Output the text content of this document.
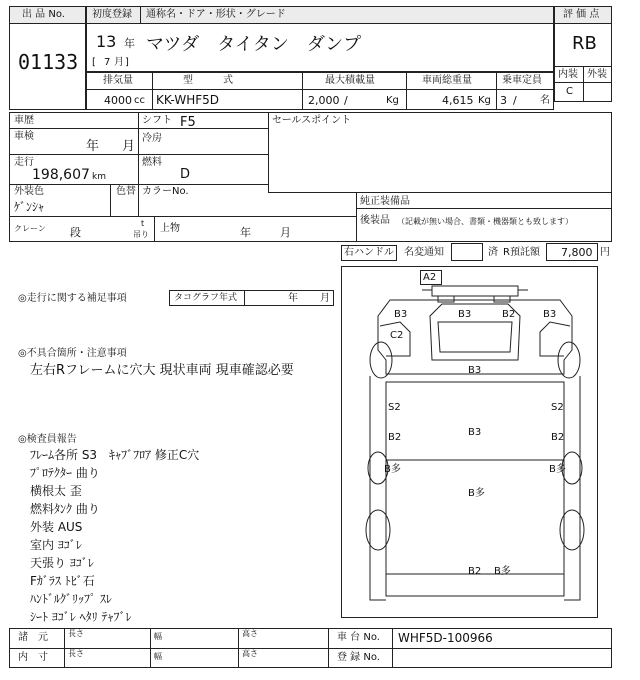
出 品 No.
01133
初度登録 通称名・ドア・形状・グレード
13 年
[ 7 月 ]
マツダ　タイタン　ダンプ
評 価 点
RB
内装 外装
C
排気量	型　　　式	最大積載量	車両総重量	乗車定員
4000 cc KK-WHF5D	2,000 /	Kg	4,615 Kg 3 / 名
車歴
車検
年 月
走行
198,607 km
シフト F5
冷房
燃料
D
外装色
ｹﾞﾝｼｬ
色替 カラーNo.
セールスポイント
純正装備品
後装品 （記載が無い場合、書類・機器類とも致します）
クレーン 段
t
吊り
上物	年	月
右ハンドル 名変通知	済 R預託額 7,800 円
◎走行に関する補足事項	タコグラフ年式	年 月
◎不具合箇所・注意事項
左右Rフレームに穴大 現状車両 現車確認必要
◎検査員報告
ﾌﾚｰﾑ各所 S3　ｷｬﾌﾞﾌﾛｱ 修正C穴
ﾌﾟﾛﾃｸﾀｰ 曲り
横根太 歪
燃料ﾀﾝｸ 曲り
外装 AUS
室内 ﾖｺﾞﾚ
天張り ﾖｺﾞﾚ
Fｶﾞﾗｽ ﾄﾋﾞ石
ﾊﾝﾄﾞﾙｸﾞﾘｯﾌﾟ ｽﾚ
ｼｰﾄ ﾖｺﾞﾚ ﾍﾀﾘ ﾃｬﾌﾞﾚ
A2
B3	B3	B2	B3
C2
B3
S2	S2
B2	B3	B2
B多	B多
B多
B2 B多
諸　元
内　寸
長さ	幅	高さ
長さ	幅	高さ
車 台 No. WHF5D-100966
登 録 No.
